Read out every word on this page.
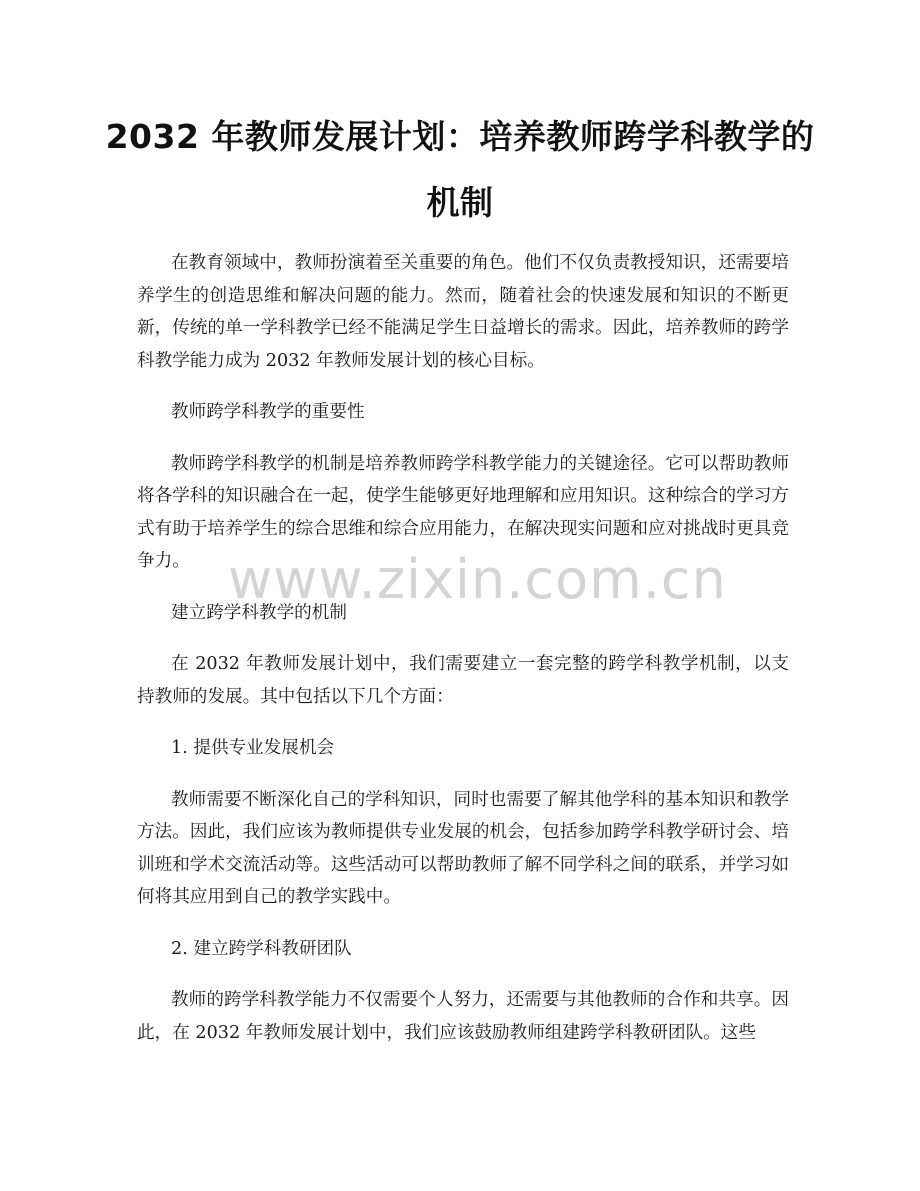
2032 年教师发展计划：培养教师跨学科教学的机制

在教育领域中，教师扮演着至关重要的角色。他们不仅负责教授知识，还需要培养学生的创造思维和解决问题的能力。然而，随着社会的快速发展和知识的不断更新，传统的单一学科教学已经不能满足学生日益增长的需求。因此，培养教师的跨学科教学能力成为 2032 年教师发展计划的核心目标。

教师跨学科教学的重要性

教师跨学科教学的机制是培养教师跨学科教学能力的关键途径。它可以帮助教师将各学科的知识融合在一起，使学生能够更好地理解和应用知识。这种综合的学习方式有助于培养学生的综合思维和综合应用能力，在解决现实问题和应对挑战时更具竞争力。

建立跨学科教学的机制

在 2032 年教师发展计划中，我们需要建立一套完整的跨学科教学机制，以支持教师的发展。其中包括以下几个方面：

1. 提供专业发展机会

教师需要不断深化自己的学科知识，同时也需要了解其他学科的基本知识和教学方法。因此，我们应该为教师提供专业发展的机会，包括参加跨学科教学研讨会、培训班和学术交流活动等。这些活动可以帮助教师了解不同学科之间的联系，并学习如何将其应用到自己的教学实践中。

2. 建立跨学科教研团队

教师的跨学科教学能力不仅需要个人努力，还需要与其他教师的合作和共享。因此，在 2032 年教师发展计划中，我们应该鼓励教师组建跨学科教研团队。这些

www.zixin.com.cn
